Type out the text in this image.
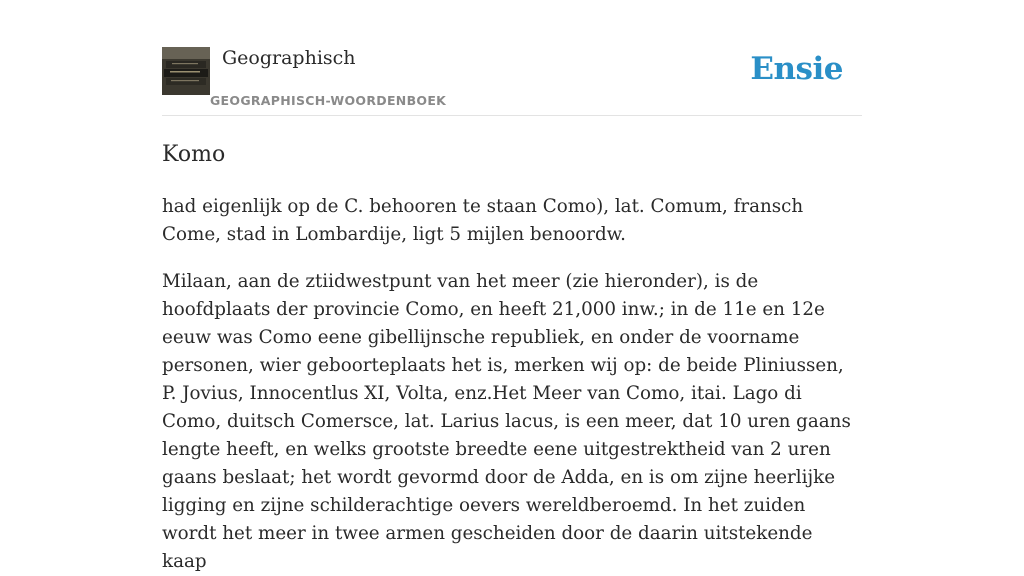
Geographisch
GEOGRAPHISCH-WOORDENBOEK
Ensie
Komo

had eigenlijk op de C. behooren te staan Como), lat. Comum, fransch Come, stad in Lombardije, ligt 5 mijlen benoordw.

Milaan, aan de ztiidwestpunt van het meer (zie hieronder), is de hoofdplaats der provincie Como, en heeft 21,000 inw.; in de 11e en 12e eeuw was Como eene gibellijnsche republiek, en onder de voorname personen, wier geboorteplaats het is, merken wij op: de beide Pliniussen, P. Jovius, Innocentlus XI, Volta, enz.Het Meer van Como, itai. Lago di Como, duitsch Comersce, lat. Larius lacus, is een meer, dat 10 uren gaans lengte heeft, en welks grootste breedte eene uitgestrektheid van 2 uren gaans beslaat; het wordt gevormd door de Adda, en is om zijne heerlijke ligging en zijne schilderachtige oevers wereldberoemd. In het zuiden wordt het meer in twee armen gescheiden door de daarin uitstekende kaap
